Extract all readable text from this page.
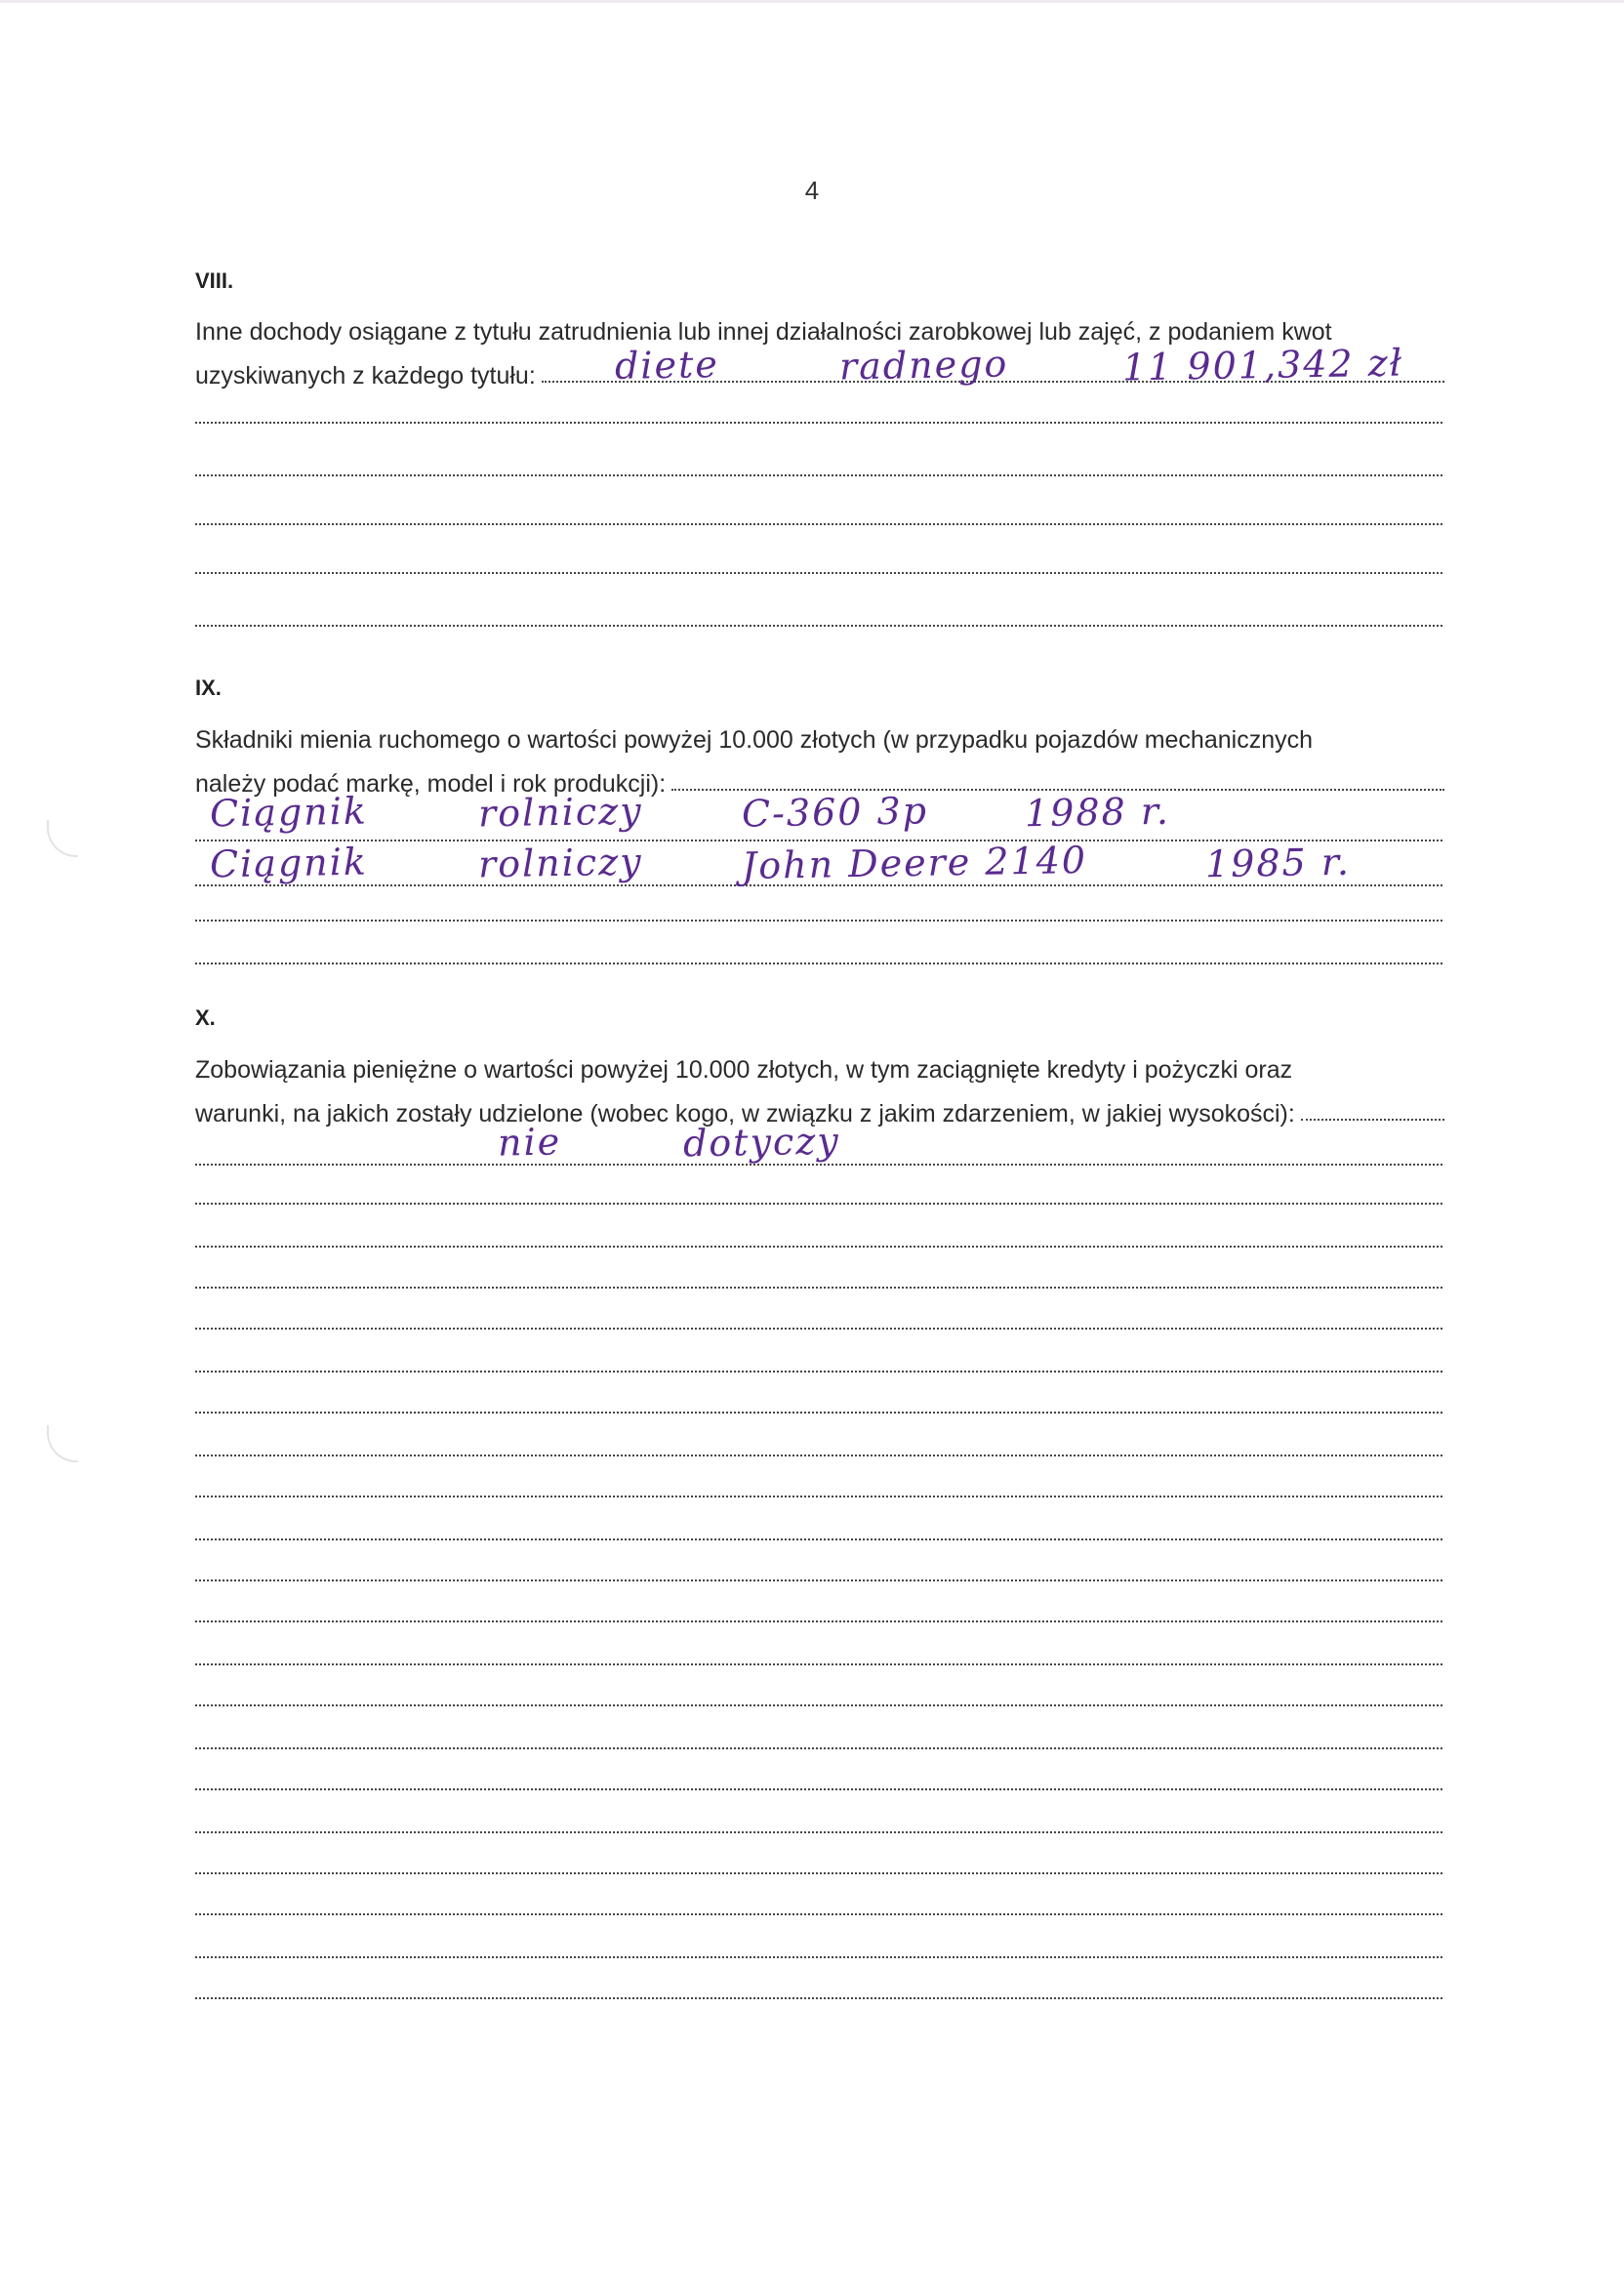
4
VIII.
Inne dochody osiągane z tytułu zatrudnienia lub innej działalności zarobkowej lub zajęć, z podaniem kwot
uzyskiwanych z każdego tytułu: diete	radnego	11 901,342 zł
IX.
Składniki mienia ruchomego o wartości powyżej 10.000 złotych (w przypadku pojazdów mechanicznych
należy podać markę, model i rok produkcji):
Ciągnik	rolniczy	C-360 3p	1988 r.
Ciągnik	rolniczy	John Deere 2140	1985 r.
X.
Zobowiązania pieniężne o wartości powyżej 10.000 złotych, w tym zaciągnięte kredyty i pożyczki oraz
warunki, na jakich zostały udzielone (wobec kogo, w związku z jakim zdarzeniem, w jakiej wysokości):
nie	dotyczy
